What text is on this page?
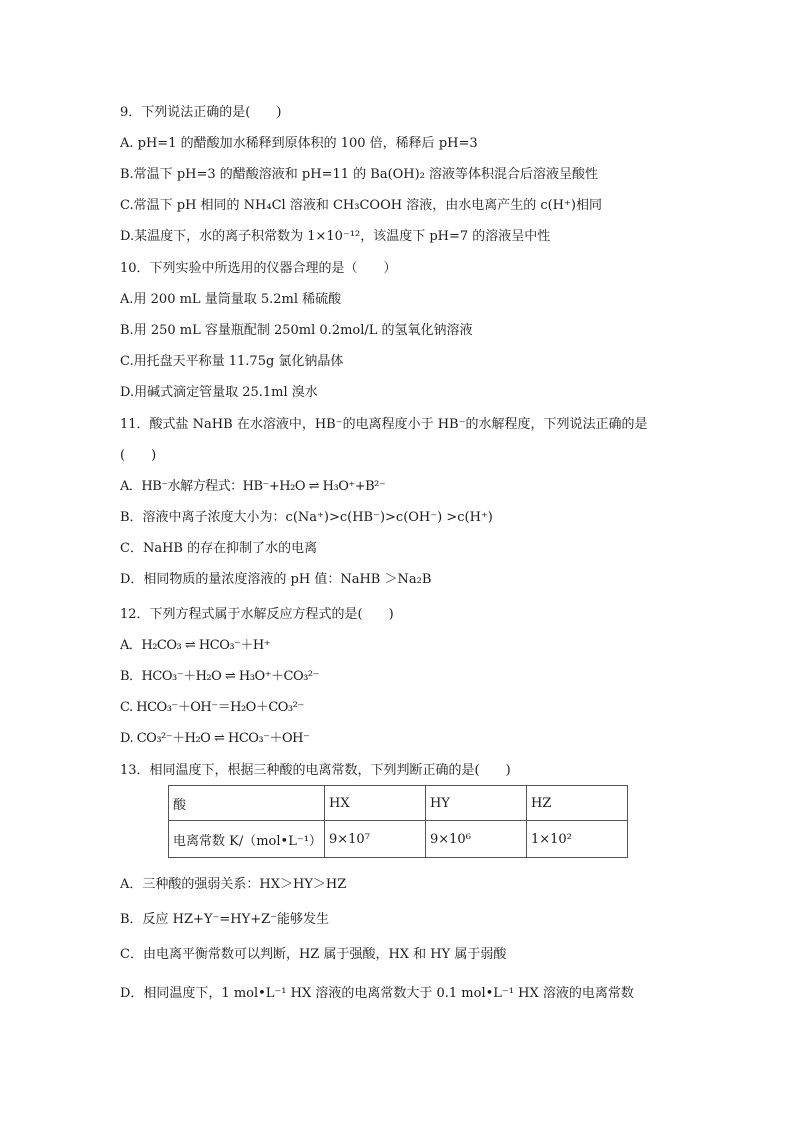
9．下列说法正确的是(　　)
A. pH=1 的醋酸加水稀释到原体积的 100 倍，稀释后 pH=3
B.常温下 pH=3 的醋酸溶液和 pH=11 的 Ba(OH)₂ 溶液等体积混合后溶液呈酸性
C.常温下 pH 相同的 NH₄Cl 溶液和 CH₃COOH 溶液，由水电离产生的 c(H⁺)相同
D.某温度下，水的离子积常数为 1×10⁻¹²，该温度下 pH=7 的溶液呈中性
10．下列实验中所选用的仪器合理的是（　　）
A.用 200 mL 量筒量取 5.2ml 稀硫酸
B.用 250 mL 容量瓶配制 250ml 0.2mol/L 的氢氧化钠溶液
C.用托盘天平称量 11.75g 氯化钠晶体
D.用碱式滴定管量取 25.1ml 溴水
11．酸式盐 NaHB 在水溶液中，HB⁻的电离程度小于 HB⁻的水解程度，下列说法正确的是
(　　)
A．HB⁻水解方程式：HB⁻+H₂O ⇌ H₃O⁺+B²⁻
B．溶液中离子浓度大小为：c(Na⁺)>c(HB⁻)>c(OH⁻) >c(H⁺)
C．NaHB 的存在抑制了水的电离
D．相同物质的量浓度溶液的 pH 值：NaHB ＞Na₂B
12．下列方程式属于水解反应方程式的是(　　)
A．H₂CO₃ ⇌ HCO₃⁻＋H⁺
B．HCO₃⁻＋H₂O ⇌ H₃O⁺＋CO₃²⁻
C. HCO₃⁻＋OH⁻＝H₂O＋CO₃²⁻
D. CO₃²⁻＋H₂O ⇌ HCO₃⁻＋OH⁻
13．相同温度下，根据三种酸的电离常数，下列判断正确的是(　　)
酸	HX	HY	HZ
电离常数 K/（mol•L⁻¹）	9×10⁷	9×10⁶	1×10²
A．三种酸的强弱关系：HX＞HY＞HZ
B．反应 HZ+Y⁻=HY+Z⁻能够发生
C．由电离平衡常数可以判断，HZ 属于强酸，HX 和 HY 属于弱酸
D．相同温度下，1 mol•L⁻¹ HX 溶液的电离常数大于 0.1 mol•L⁻¹ HX 溶液的电离常数
